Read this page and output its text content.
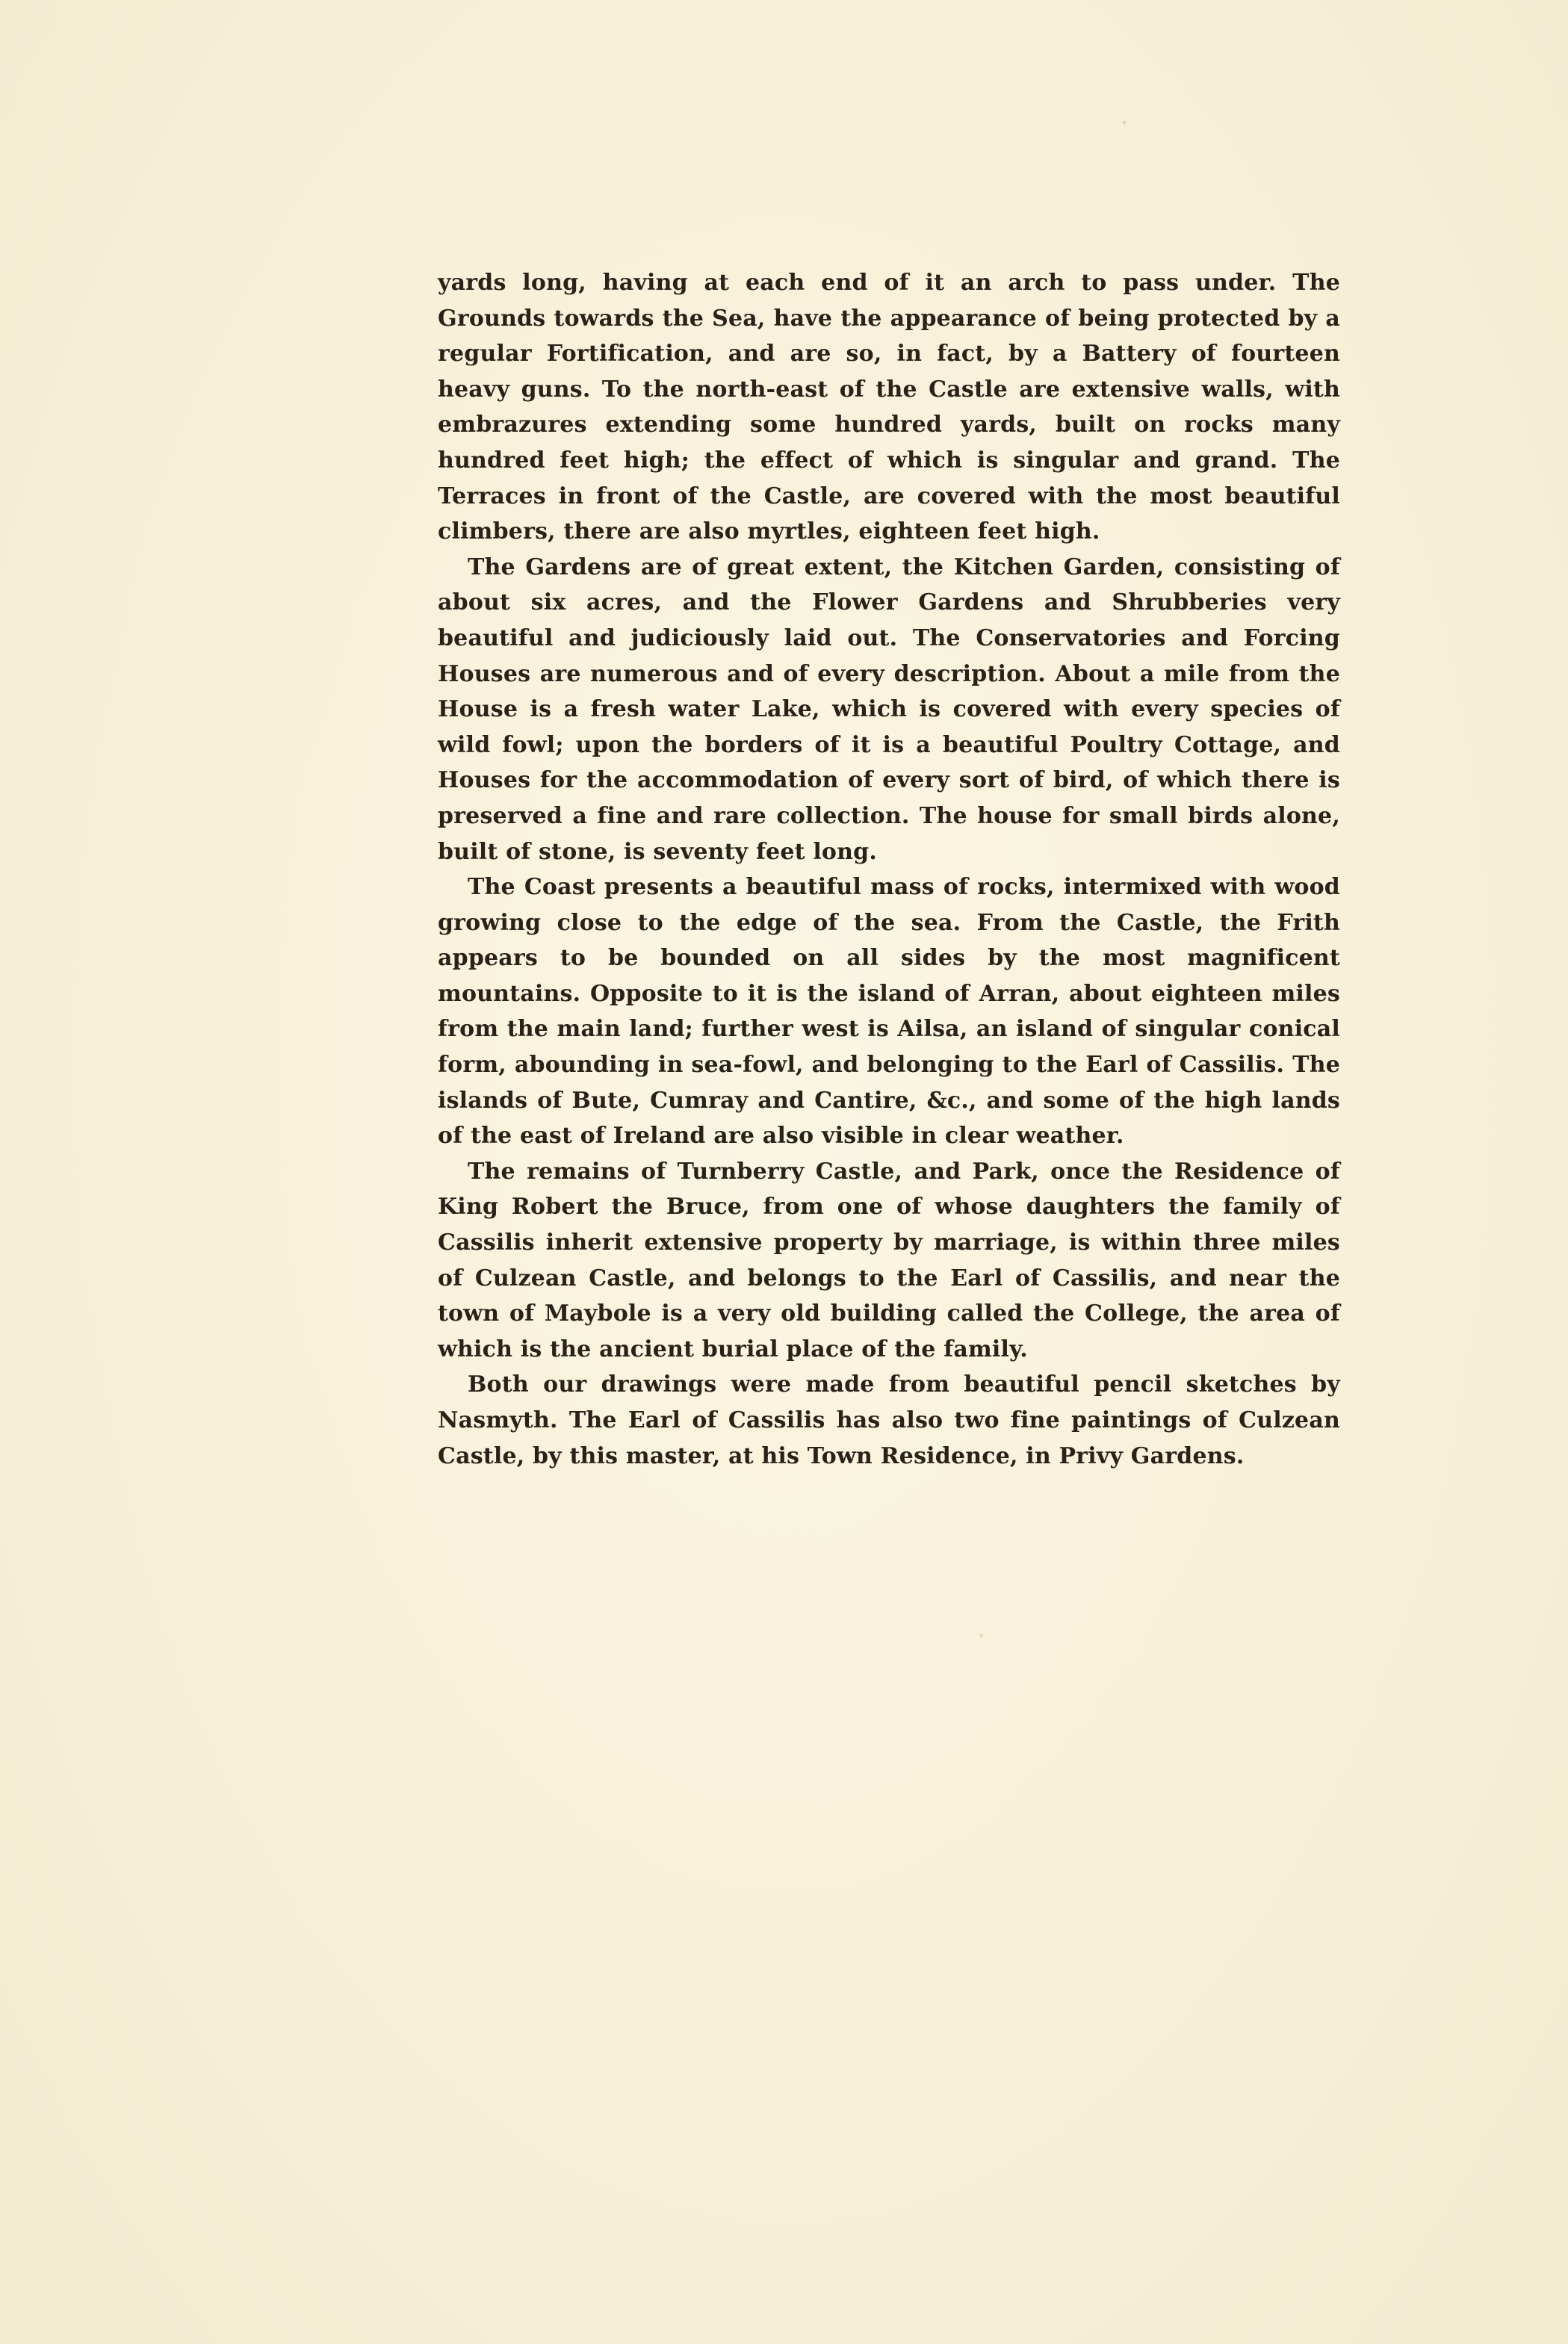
yards long, having at each end of it an arch to pass under. The Grounds towards the Sea, have the appearance of being protected by a regular Fortification, and are so, in fact, by a Battery of fourteen heavy guns. To the north-east of the Castle are extensive walls, with embrazures extending some hundred yards, built on rocks many hundred feet high; the effect of which is singular and grand. The Terraces in front of the Castle, are covered with the most beautiful climbers, there are also myrtles, eighteen feet high.

The Gardens are of great extent, the Kitchen Garden, consisting of about six acres, and the Flower Gardens and Shrubberies very beautiful and judiciously laid out. The Conservatories and Forcing Houses are numerous and of every description. About a mile from the House is a fresh water Lake, which is covered with every species of wild fowl; upon the borders of it is a beautiful Poultry Cottage, and Houses for the accommodation of every sort of bird, of which there is preserved a fine and rare collection. The house for small birds alone, built of stone, is seventy feet long.

The Coast presents a beautiful mass of rocks, intermixed with wood growing close to the edge of the sea. From the Castle, the Frith appears to be bounded on all sides by the most magnificent mountains. Opposite to it is the island of Arran, about eighteen miles from the main land; further west is Ailsa, an island of singular conical form, abounding in sea-fowl, and belonging to the Earl of Cassilis. The islands of Bute, Cumray and Cantire, &c., and some of the high lands of the east of Ireland are also visible in clear weather.

The remains of Turnberry Castle, and Park, once the Residence of King Robert the Bruce, from one of whose daughters the family of Cassilis inherit extensive property by marriage, is within three miles of Culzean Castle, and belongs to the Earl of Cassilis, and near the town of Maybole is a very old building called the College, the area of which is the ancient burial place of the family.

Both our drawings were made from beautiful pencil sketches by Nasmyth. The Earl of Cassilis has also two fine paintings of Culzean Castle, by this master, at his Town Residence, in Privy Gardens.
